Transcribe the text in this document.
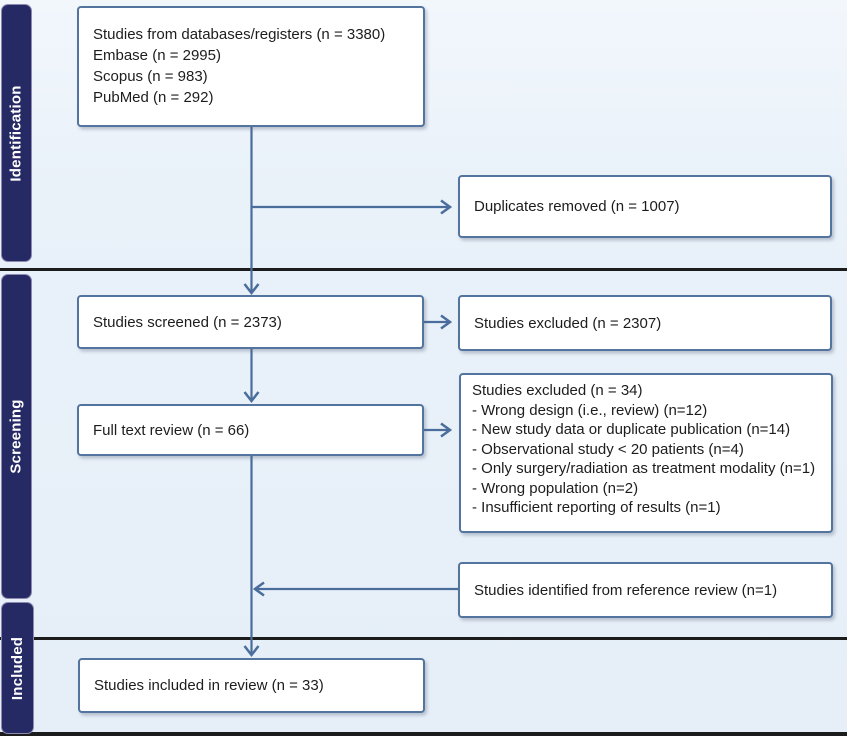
Identification
Screening
Included
Studies from databases/registers (n = 3380)
Embase (n = 2995)
Scopus (n = 983)
PubMed (n = 292)
Duplicates removed (n = 1007)
Studies screened (n = 2373)	Studies excluded (n = 2307)
Full text review (n = 66)
Studies excluded (n = 34)
- Wrong design (i.e., review) (n=12)
- New study data or duplicate publication (n=14)
- Observational study < 20 patients (n=4)
- Only surgery/radiation as treatment modality (n=1)
- Wrong population (n=2)
- Insufficient reporting of results (n=1)
Studies identified from reference review (n=1)
Studies included in review (n = 33)
